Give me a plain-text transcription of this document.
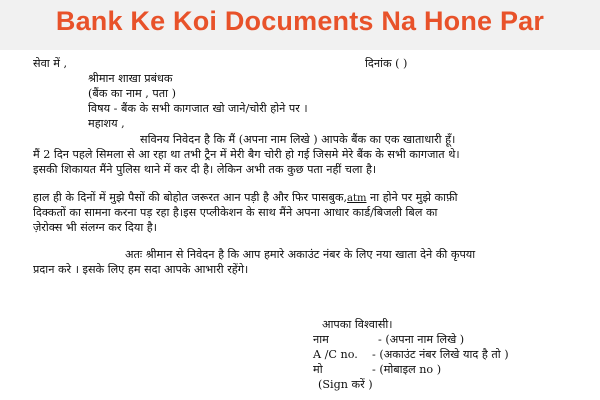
Bank Ke Koi Documents Na Hone Par
सेवा में ,	दिनांक ( )
श्रीमान शाखा प्रबंधक
(बैंक का नाम , पता )
विषय - बैंक के सभी कागजात खो जाने/चोरी होने पर ।
महाशय ,
सविनय निवेदन है कि मैं (अपना नाम लिखे ) आपके बैंक का एक खाताधारी हूँ।
मैं 2 दिन पहले सिमला से आ रहा था तभी ट्रैन में मेरी बैग चोरी हो गई जिसमे मेरे बैंक के सभी कागजात थे।
इसकी शिकायत मैंने पुलिस थाने में कर दी है। लेकिन अभी तक कुछ पता नहीं चला है।
हाल ही के दिनों में मुझे पैसों की बोहोत जरूरत आन पड़ी है और फिर पासबुक,atm ना होने पर मुझे काफ़ी
दिक्कतों का सामना करना पड़ रहा है।इस एप्लीकेशन के साथ मैंने अपना आधार कार्ड/बिजली बिल का
ज़ेरोक्स भी संलग्न कर दिया है।
अतः श्रीमान से निवेदन है कि आप हमारे अकाउंट नंबर के लिए नया खाता देने की कृपया
प्रदान करे । इसके लिए हम सदा आपके आभारी रहेंगे।
आपका विश्वासी।
नाम	- (अपना नाम लिखे )
A /C no. - (अकाउंट नंबर लिखे याद है तो )
मो	- (मोबाइल no )
(Sign करें )
